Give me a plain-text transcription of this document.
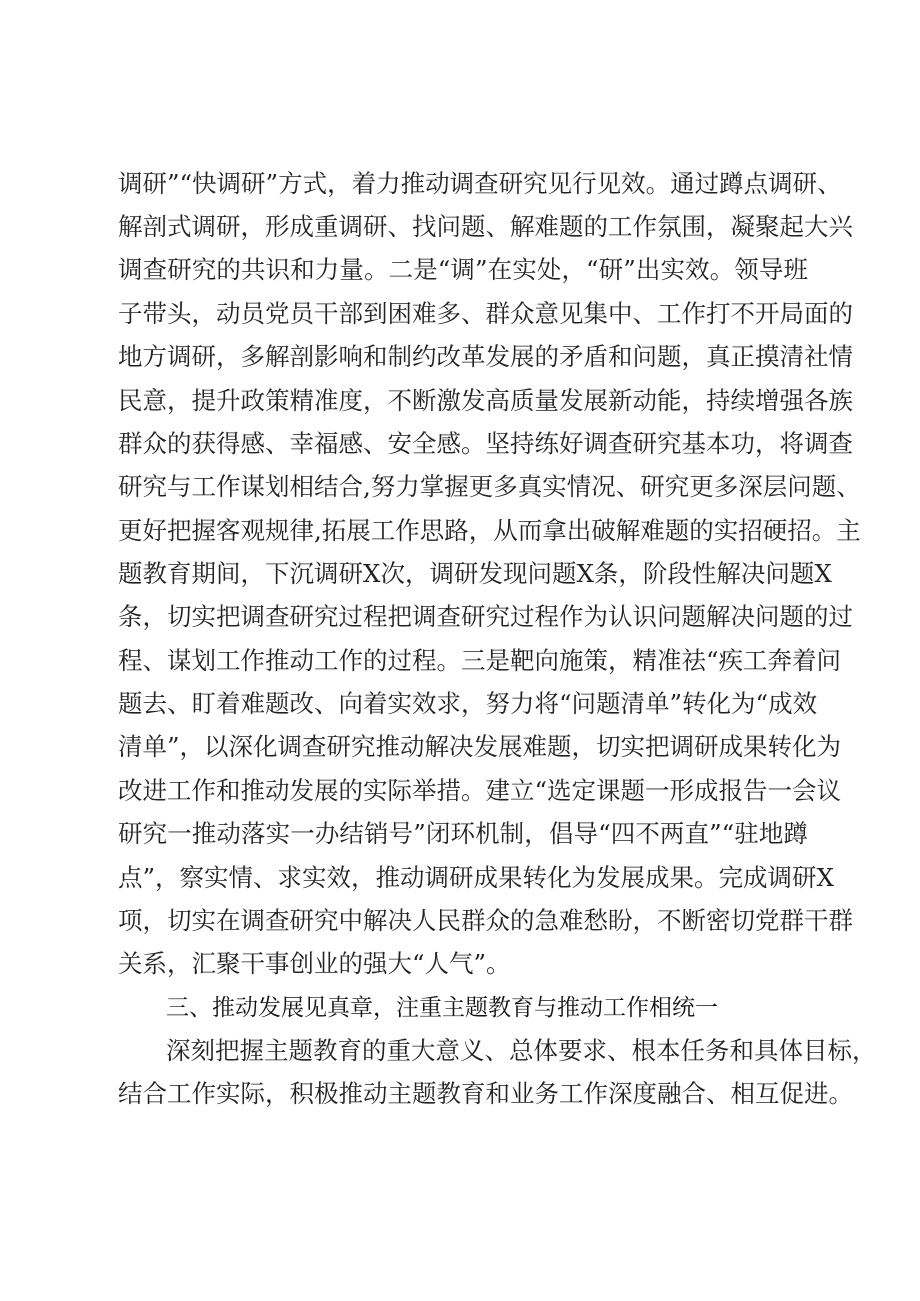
调研”“快调研”方式，着力推动调查研究见行见效。通过蹲点调研、
解剖式调研，形成重调研、找问题、解难题的工作氛围，凝聚起大兴
调查研究的共识和力量。二是“调”在实处，“研”出实效。领导班
子带头，动员党员干部到困难多、群众意见集中、工作打不开局面的
地方调研，多解剖影响和制约改革发展的矛盾和问题，真正摸清社情
民意，提升政策精准度，不断激发高质量发展新动能，持续增强各族
群众的获得感、幸福感、安全感。坚持练好调查研究基本功，将调查
研究与工作谋划相结合,努力掌握更多真实情况、研究更多深层问题、
更好把握客观规律,拓展工作思路，从而拿出破解难题的实招硬招。主
题教育期间，下沉调研X次，调研发现问题X条，阶段性解决问题X
条，切实把调查研究过程把调查研究过程作为认识问题解决问题的过
程、谋划工作推动工作的过程。三是靶向施策，精准祛“疾工奔着问
题去、盯着难题改、向着实效求，努力将“问题清单”转化为“成效
清单”，以深化调查研究推动解决发展难题，切实把调研成果转化为
改进工作和推动发展的实际举措。建立“选定课题一形成报告一会议
研究一推动落实一办结销号”闭环机制，倡导“四不两直”“驻地蹲
点”，察实情、求实效，推动调研成果转化为发展成果。完成调研X
项，切实在调查研究中解决人民群众的急难愁盼，不断密切党群干群
关系，汇聚干事创业的强大“人气”。
三、推动发展见真章，注重主题教育与推动工作相统一
深刻把握主题教育的重大意义、总体要求、根本任务和具体目标，
结合工作实际，积极推动主题教育和业务工作深度融合、相互促进。
